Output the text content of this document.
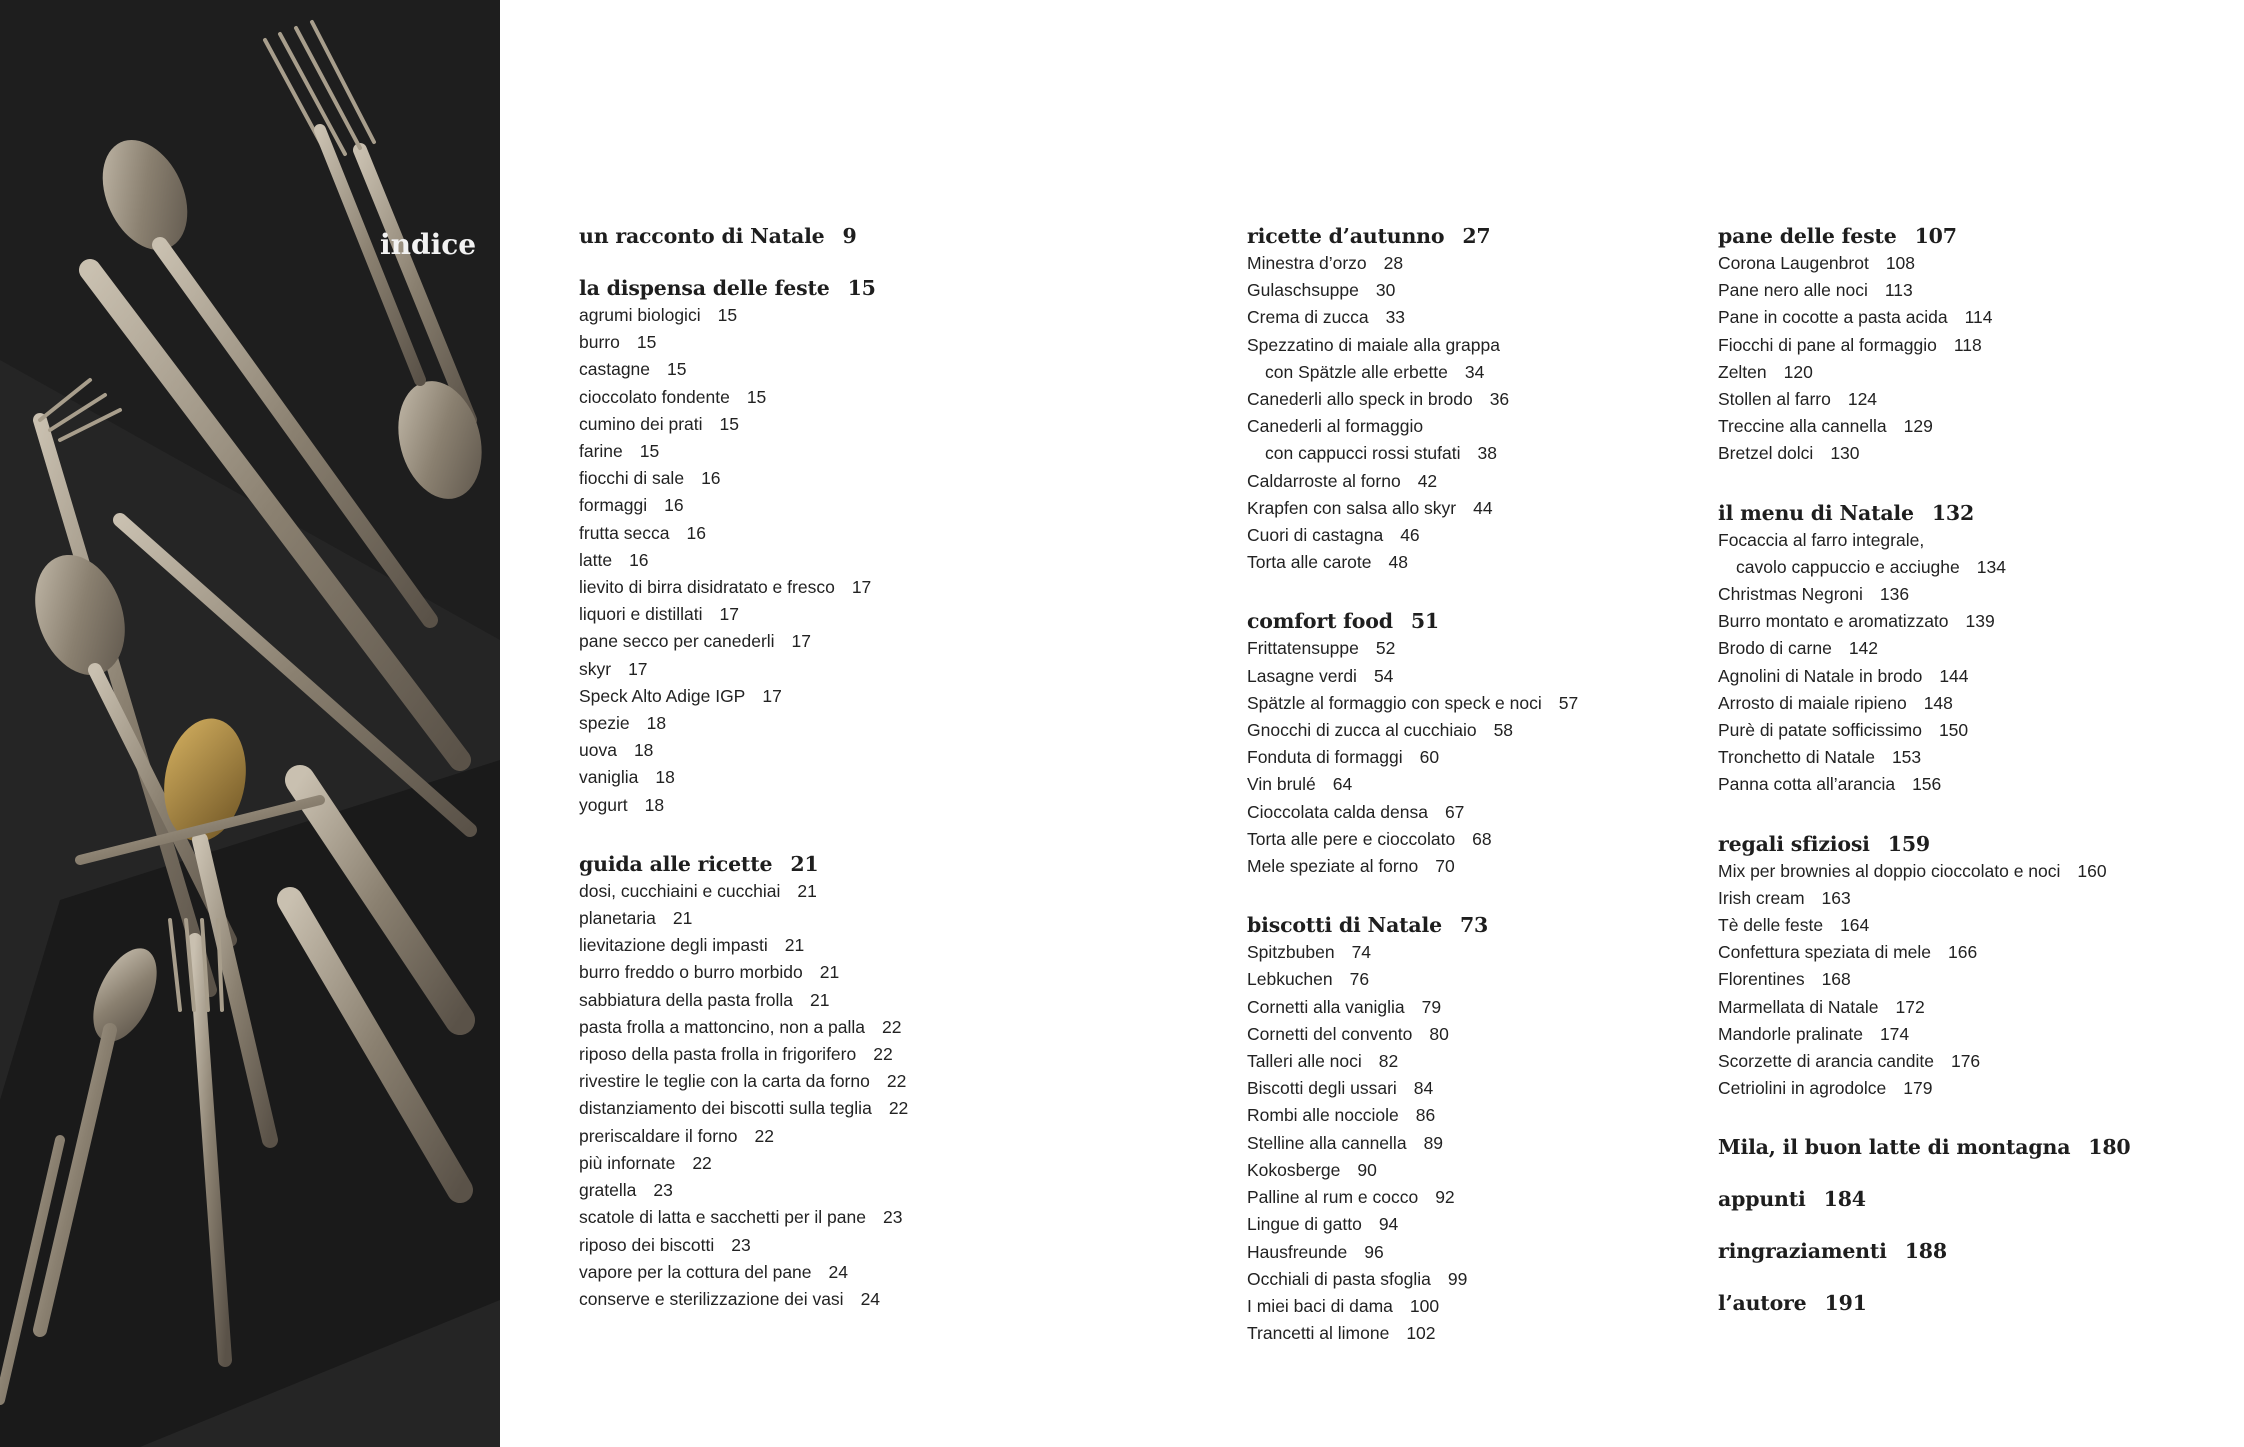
indice	un racconto di Natale 9
la dispensa delle feste 15
agrumi biologici 15
burro 15
castagne 15
cioccolato fondente 15
cumino dei prati 15
farine 15
fiocchi di sale 16
formaggi 16
frutta secca 16
latte 16
lievito di birra disidratato e fresco 17
liquori e distillati 17
pane secco per canederli 17
skyr 17
Speck Alto Adige IGP 17
spezie 18
uova 18
vaniglia 18
yogurt 18
guida alle ricette 21
dosi, cucchiaini e cucchiai 21
planetaria 21
lievitazione degli impasti 21
burro freddo o burro morbido 21
sabbiatura della pasta frolla 21
pasta frolla a mattoncino, non a palla 22
riposo della pasta frolla in frigorifero 22
rivestire le teglie con la carta da forno 22
distanziamento dei biscotti sulla teglia 22
preriscaldare il forno 22
più infornate 22
gratella 23
scatole di latta e sacchetti per il pane 23
riposo dei biscotti 23
vapore per la cottura del pane 24
conserve e sterilizzazione dei vasi 24
ricette d’autunno 27
Minestra d’orzo 28
Gulaschsuppe 30
Crema di zucca 33
Spezzatino di maiale alla grappa
con Spätzle alle erbette 34
Canederli allo speck in brodo 36
Canederli al formaggio
con cappucci rossi stufati 38
Caldarroste al forno 42
Krapfen con salsa allo skyr 44
Cuori di castagna 46
Torta alle carote 48
comfort food 51
Frittatensuppe 52
Lasagne verdi 54
Spätzle al formaggio con speck e noci 57
Gnocchi di zucca al cucchiaio 58
Fonduta di formaggi 60
Vin brulé 64
Cioccolata calda densa 67
Torta alle pere e cioccolato 68
Mele speziate al forno 70
biscotti di Natale 73
Spitzbuben 74
Lebkuchen 76
Cornetti alla vaniglia 79
Cornetti del convento 80
Talleri alle noci 82
Biscotti degli ussari 84
Rombi alle nocciole 86
Stelline alla cannella 89
Kokosberge 90
Palline al rum e cocco 92
Lingue di gatto 94
Hausfreunde 96
Occhiali di pasta sfoglia 99
I miei baci di dama 100
Trancetti al limone 102
pane delle feste 107
Corona Laugenbrot 108
Pane nero alle noci 113
Pane in cocotte a pasta acida 114
Fiocchi di pane al formaggio 118
Zelten 120
Stollen al farro 124
Treccine alla cannella 129
Bretzel dolci 130
il menu di Natale 132
Focaccia al farro integrale,
cavolo cappuccio e acciughe 134
Christmas Negroni 136
Burro montato e aromatizzato 139
Brodo di carne 142
Agnolini di Natale in brodo 144
Arrosto di maiale ripieno 148
Purè di patate sofficissimo 150
Tronchetto di Natale 153
Panna cotta all’arancia 156
regali sfiziosi 159
Mix per brownies al doppio cioccolato e noci 160
Irish cream 163
Tè delle feste 164
Confettura speziata di mele 166
Florentines 168
Marmellata di Natale 172
Mandorle pralinate 174
Scorzette di arancia candite 176
Cetriolini in agrodolce 179
Mila, il buon latte di montagna 180
appunti 184
ringraziamenti 188
l’autore 191
